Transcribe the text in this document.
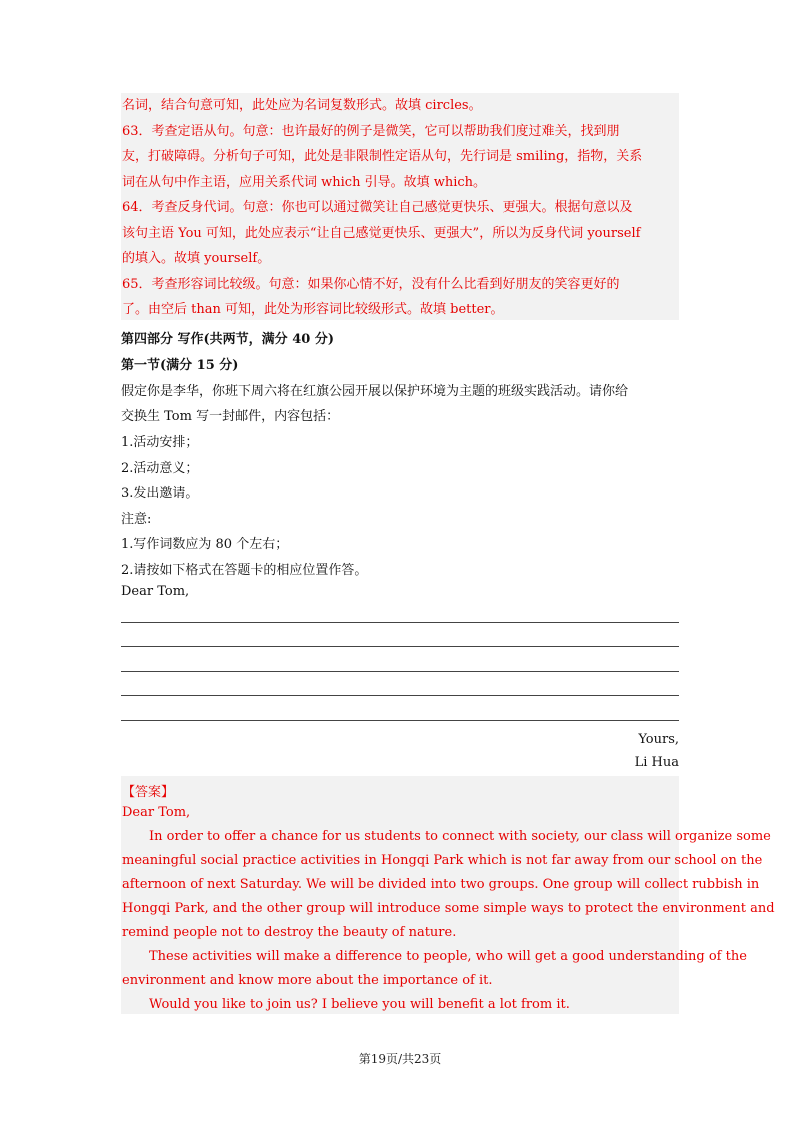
名词，结合句意可知，此处应为名词复数形式。故填 circles。
63．考查定语从句。句意：也许最好的例子是微笑，它可以帮助我们度过难关，找到朋
友，打破障碍。分析句子可知，此处是非限制性定语从句，先行词是 smiling，指物，关系
词在从句中作主语，应用关系代词 which 引导。故填 which。
64．考查反身代词。句意：你也可以通过微笑让自己感觉更快乐、更强大。根据句意以及
该句主语 You 可知，此处应表示“让自己感觉更快乐、更强大”，所以为反身代词 yourself
的填入。故填 yourself。
65．考查形容词比较级。句意：如果你心情不好，没有什么比看到好朋友的笑容更好的
了。由空后 than 可知，此处为形容词比较级形式。故填 better。
第四部分 写作(共两节，满分 40 分)
第一节(满分 15 分)
假定你是李华，你班下周六将在红旗公园开展以保护环境为主题的班级实践活动。请你给
交换生 Tom 写一封邮件，内容包括：
1.活动安排；
2.活动意义；
3.发出邀请。
注意:
1.写作词数应为 80 个左右；
2.请按如下格式在答题卡的相应位置作答。
Dear Tom,
Yours,
Li Hua
【答案】
Dear Tom,
In order to offer a chance for us students to connect with society, our class will organize some
meaningful social practice activities in Hongqi Park which is not far away from our school on the
afternoon of next Saturday. We will be divided into two groups. One group will collect rubbish in
Hongqi Park, and the other group will introduce some simple ways to protect the environment and
remind people not to destroy the beauty of nature.
These activities will make a difference to people, who will get a good understanding of the
environment and know more about the importance of it.
Would you like to join us? I believe you will benefit a lot from it.
第19页/共23页
